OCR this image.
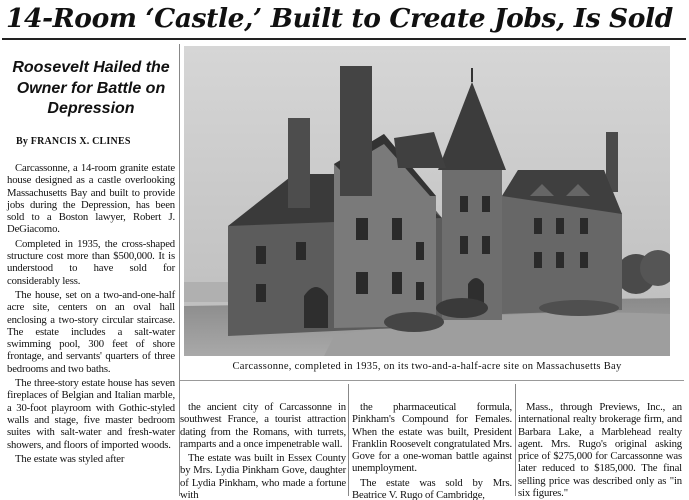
14-Room ‘Castle,’ Built to Create Jobs, Is Sold
Roosevelt Hailed the Owner for Battle on Depression
By FRANCIS X. CLINES

Carcassonne, a 14-room granite estate house designed as a castle overlooking Massachusetts Bay and built to provide jobs during the Depression, has been sold to a Boston lawyer, Robert J. DeGiacomo.

Completed in 1935, the cross-shaped structure cost more than $500,000. It is understood to have sold for considerably less.

The house, set on a two-and-one-half acre site, centers on an oval hall enclosing a two-story circular staircase. The estate includes a salt-water swimming pool, 300 feet of shore frontage, and servants' quarters of three bedrooms and two baths.

The three-story estate house has seven fireplaces of Belgian and Italian marble, a 30-foot playroom with Gothic-styled walls and stage, five master bedroom suites with salt-water and fresh-water showers, and floors of imported woods.

The estate was styled after

Carcassonne, completed in 1935, on its two-and-a-half-acre site on Massachusetts Bay

the ancient city of Carcassonne in southwest France, a tourist attraction dating from the Romans, with turrets, ramparts and a once impenetrable wall.

The estate was built in Essex County by Mrs. Lydia Pinkham Gove, daughter of Lydia Pinkham, who made a fortune with

the pharmaceutical formula, Pinkham's Compound for Females. When the estate was built, President Franklin Roosevelt congratulated Mrs. Gove for a one-woman battle against unemployment.

The estate was sold by Mrs. Beatrice V. Rugo of Cambridge,

Mass., through Previews, Inc., an international realty brokerage firm, and Barbara Lake, a Marblehead realty agent. Mrs. Rugo's original asking price of $275,000 for Carcassonne was later reduced to $185,000. The final selling price was described only as "in six figures."
